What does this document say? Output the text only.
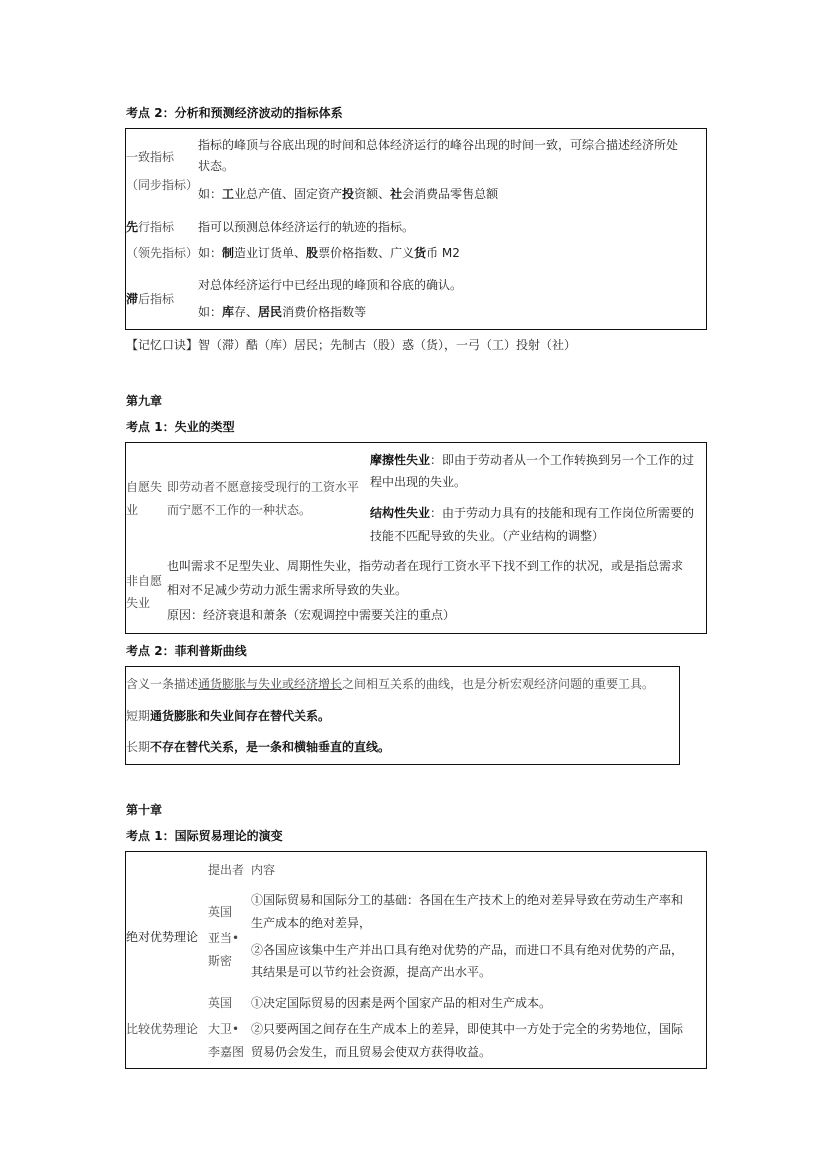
考点 2：分析和预测经济波动的指标体系
一致指标
（同步指标）
指标的峰顶与谷底出现的时间和总体经济运行的峰谷出现的时间一致，可综合描述经济所处
状态。
如：工业总产值、固定资产投资额、社会消费品零售总额
先行指标
（领先指标）
指可以预测总体经济运行的轨迹的指标。
如：制造业订货单、股票价格指数、广义货币 M2
滞后指标
对总体经济运行中已经出现的峰顶和谷底的确认。
如：库存、居民消费价格指数等
【记忆口诀】智（滞）酷（库）居民；先制古（股）惑（货），一弓（工）投射（社）
第九章
考点 1：失业的类型
自愿失
业
即劳动者不愿意接受现行的工资水平
而宁愿不工作的一种状态。
摩擦性失业：即由于劳动者从一个工作转换到另一个工作的过
程中出现的失业。
结构性失业：由于劳动力具有的技能和现有工作岗位所需要的
技能不匹配导致的失业。（产业结构的调整）
非自愿
失业
也叫需求不足型失业、周期性失业，指劳动者在现行工资水平下找不到工作的状况，或是指总需求
相对不足减少劳动力派生需求所导致的失业。
原因：经济衰退和萧条（宏观调控中需要关注的重点）
考点 2：菲利普斯曲线
含义一条描述通货膨胀与失业或经济增长之间相互关系的曲线，也是分析宏观经济问题的重要工具。
短期通货膨胀和失业间存在替代关系。
长期不存在替代关系，是一条和横轴垂直的直线。
第十章
考点 1：国际贸易理论的演变
提出者 内容
绝对优势理论
英国
亚当•
斯密
①国际贸易和国际分工的基础：各国在生产技术上的绝对差异导致在劳动生产率和
生产成本的绝对差异，
②各国应该集中生产并出口具有绝对优势的产品，而进口不具有绝对优势的产品，
其结果是可以节约社会资源，提高产出水平。
比较优势理论
英国
大卫•
李嘉图
①决定国际贸易的因素是两个国家产品的相对生产成本。
②只要两国之间存在生产成本上的差异，即使其中一方处于完全的劣势地位，国际
贸易仍会发生，而且贸易会使双方获得收益。
